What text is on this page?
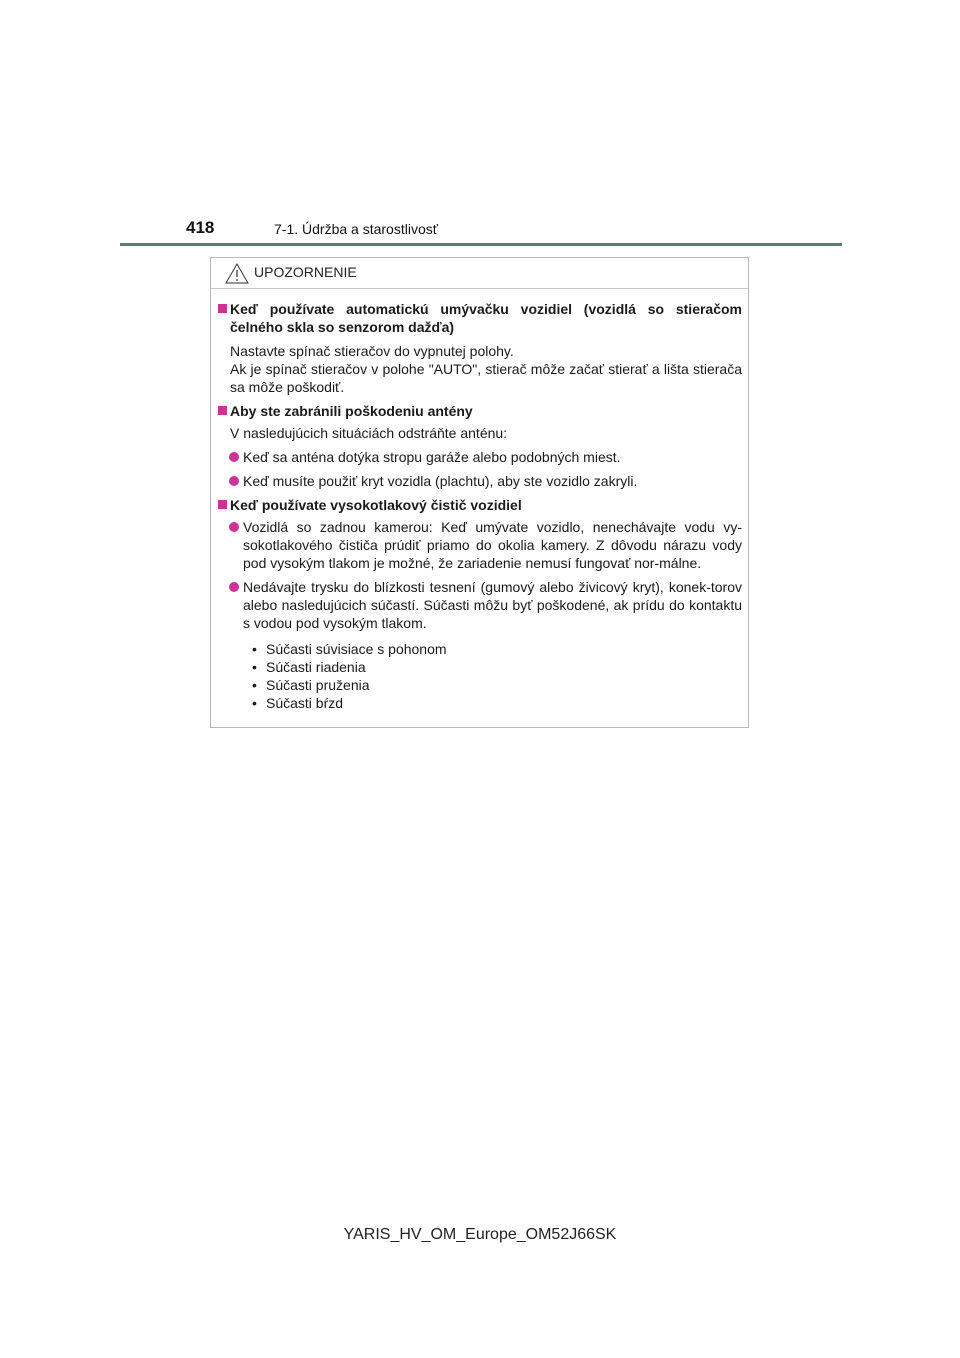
418	7-1. Údržba a starostlivosť
UPOZORNENIE
Keď používate automatickú umývačku vozidiel (vozidlá so stieračom čelného skla so senzorom dažďa)
Nastavte spínač stieračov do vypnutej polohy.
Ak je spínač stieračov v polohe "AUTO", stierač môže začať stierať a lišta stierača sa môže poškodiť.
Aby ste zabránili poškodeniu antény
V nasledujúcich situáciách odstráňte anténu:
Keď sa anténa dotýka stropu garáže alebo podobných miest.
Keď musíte použiť kryt vozidla (plachtu), aby ste vozidlo zakryli.
Keď používate vysokotlakový čistič vozidiel
Vozidlá so zadnou kamerou: Keď umývate vozidlo, nenechávajte vodu vy-sokotlakového čističa prúdiť priamo do okolia kamery. Z dôvodu nárazu vody pod vysokým tlakom je možné, že zariadenie nemusí fungovať nor-málne.
Nedávajte trysku do blízkosti tesnení (gumový alebo živicový kryt), konek-torov alebo nasledujúcich súčastí. Súčasti môžu byť poškodené, ak prídu do kontaktu s vodou pod vysokým tlakom.
• Súčasti súvisiace s pohonom
• Súčasti riadenia
• Súčasti pruženia
• Súčasti bŕzd
YARIS_HV_OM_Europe_OM52J66SK
